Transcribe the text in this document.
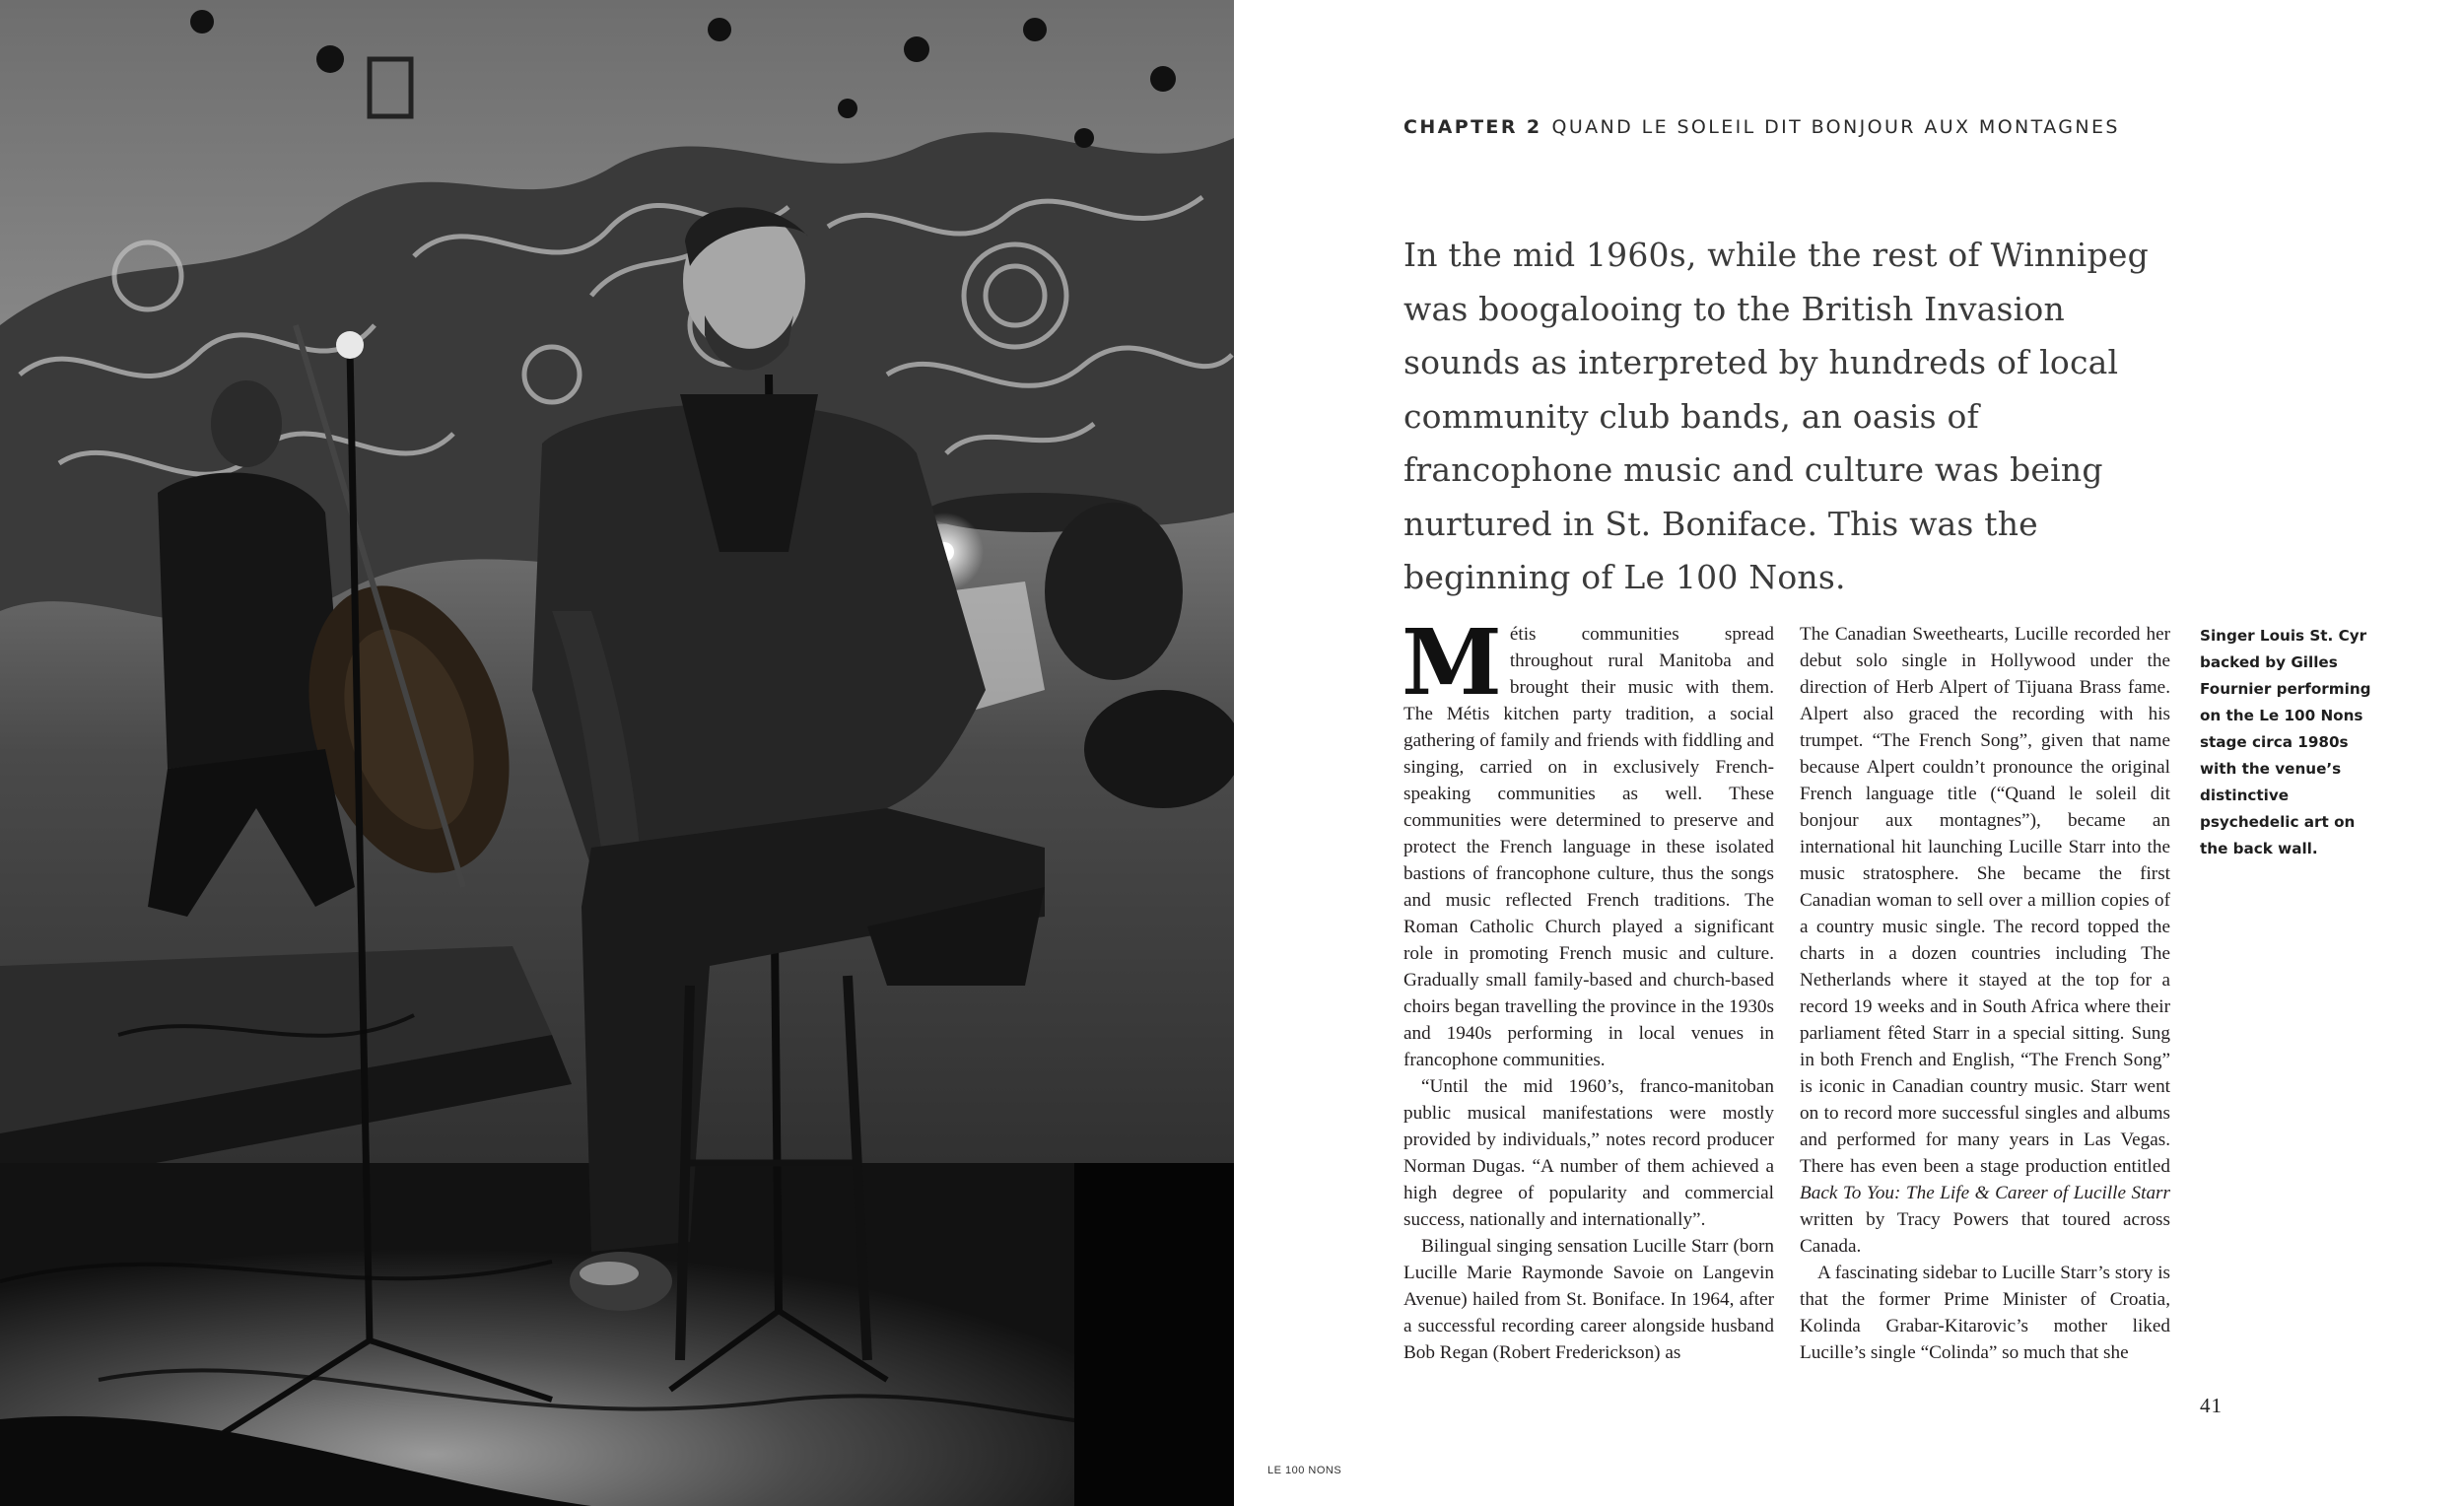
LE 100 NONS
CHAPTER 2 QUAND LE SOLEIL DIT BONJOUR AUX MONTAGNES
In the mid 1960s, while the rest of Winnipeg was boogalooing to the British Invasion sounds as interpreted by hundreds of local community club bands, an oasis of francophone music and culture was being nurtured in St. Boniface. This was the beginning of Le 100 Nons.

Métis communities spread throughout rural Manitoba and brought their music with them. The Métis kitchen party tradition, a social gathering of family and friends with fiddling and singing, carried on in exclusively French-speaking communities as well. These communities were determined to preserve and protect the French language in these isolated bastions of francophone culture, thus the songs and music reflected French traditions. The Roman Catholic Church played a significant role in promoting French music and culture. Gradually small family-based and church-based choirs began travelling the province in the 1930s and 1940s performing in local venues in francophone communities.

“Until the mid 1960’s, franco-manitoban public musical manifestations were mostly provided by individuals,” notes record producer Norman Dugas. “A number of them achieved a high degree of popularity and commercial success, nationally and internationally”.

Bilingual singing sensation Lucille Starr (born Lucille Marie Raymonde Savoie on Langevin Avenue) hailed from St. Boniface. In 1964, after a successful recording career alongside husband Bob Regan (Robert Frederickson) as

The Canadian Sweethearts, Lucille recorded her debut solo single in Hollywood under the direction of Herb Alpert of Tijuana Brass fame. Alpert also graced the recording with his trumpet. “The French Song”, given that name because Alpert couldn’t pronounce the original French language title (“Quand le soleil dit bonjour aux montagnes”), became an international hit launching Lucille Starr into the music stratosphere. She became the first Canadian woman to sell over a million copies of a country music single. The record topped the charts in a dozen countries including The Netherlands where it stayed at the top for a record 19 weeks and in South Africa where their parliament fêted Starr in a special sitting. Sung in both French and English, “The French Song” is iconic in Canadian country music. Starr went on to record more successful singles and albums and performed for many years in Las Vegas. There has even been a stage production entitled Back To You: The Life & Career of Lucille Starr written by Tracy Powers that toured across Canada.

A fascinating sidebar to Lucille Starr’s story is that the former Prime Minister of Croatia, Kolinda Grabar-Kitarovic’s mother liked Lucille’s single “Colinda” so much that she

Singer Louis St. Cyr backed by Gilles Fournier performing on the Le 100 Nons stage circa 1980s with the venue’s distinctive psychedelic art on the back wall.
41
